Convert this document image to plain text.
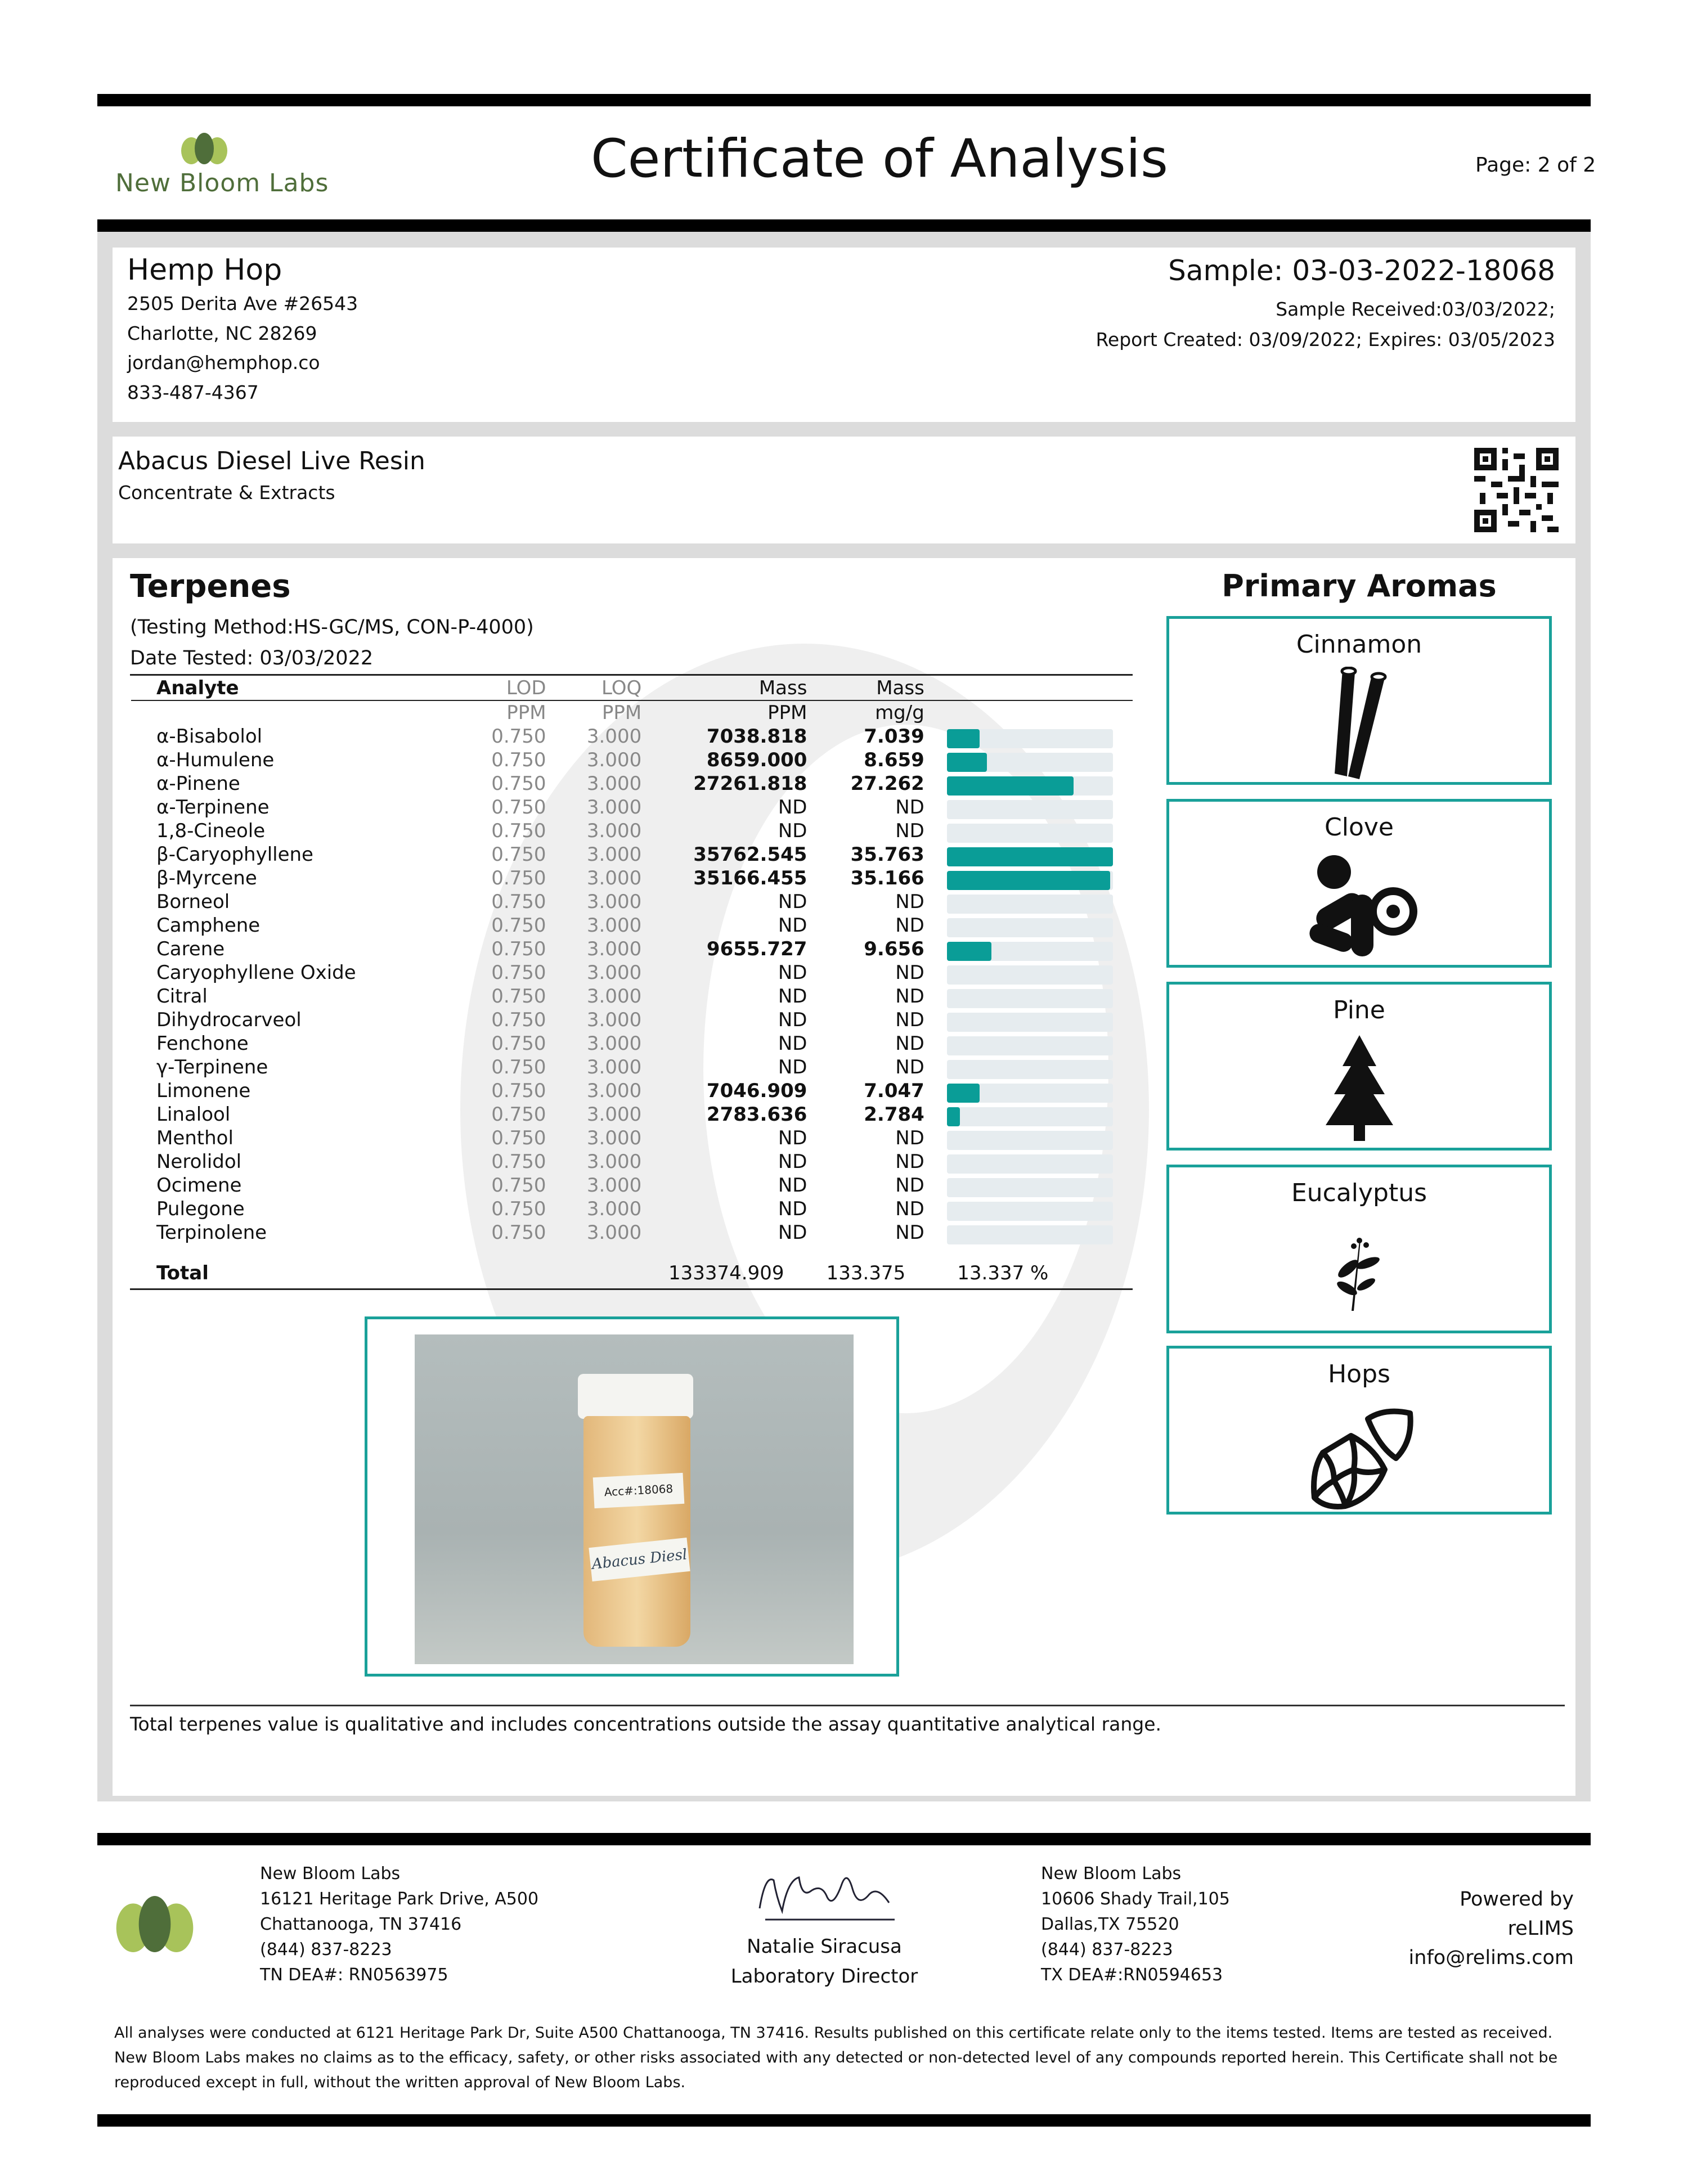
New Bloom Labs	Certificate of Analysis	Page: 2 of 2
Hemp Hop
2505 Derita Ave #26543
Charlotte, NC 28269
jordan@hemphop.co
833-487-4367
Sample: 03-03-2022-18068
Sample Received:03/03/2022;
Report Created: 03/09/2022; Expires: 03/05/2023
Abacus Diesel Live Resin
Concentrate & Extracts
Terpenes
(Testing Method:HS-GC/MS, CON-P-4000)
Date Tested: 03/03/2022
Analyte	LOD	LOQ	Mass	Mass	
	PPM	PPM	PPM	mg/g	
α-Bisabolol	0.750	3.000	7038.818	7.039	

α-Humulene	0.750	3.000	8659.000	8.659	

α-Pinene	0.750	3.000	27261.818	27.262	

α-Terpinene	0.750	3.000	ND	ND	

1,8-Cineole	0.750	3.000	ND	ND	

β-Caryophyllene	0.750	3.000	35762.545	35.763	

β-Myrcene	0.750	3.000	35166.455	35.166	

Borneol	0.750	3.000	ND	ND	

Camphene	0.750	3.000	ND	ND	

Carene	0.750	3.000	9655.727	9.656	

Caryophyllene Oxide	0.750	3.000	ND	ND	

Citral	0.750	3.000	ND	ND	

Dihydrocarveol	0.750	3.000	ND	ND	

Fenchone	0.750	3.000	ND	ND	

γ-Terpinene	0.750	3.000	ND	ND	

Limonene	0.750	3.000	7046.909	7.047	

Linalool	0.750	3.000	2783.636	2.784	

Menthol	0.750	3.000	ND	ND	

Nerolidol	0.750	3.000	ND	ND	

Ocimene	0.750	3.000	ND	ND	

Pulegone	0.750	3.000	ND	ND	

Terpinolene	0.750	3.000	ND	ND	
Total			133374.909	133.375	13.337 %
Acc#:18068
Abacus Diesl
Total terpenes value is qualitative and includes concentrations outside the assay quantitative analytical range.
Primary Aromas
Cinnamon
Clove
Pine
Eucalyptus
Hops
New Bloom Labs
16121 Heritage Park Drive, A500
Chattanooga, TN 37416
(844) 837-8223
TN DEA#: RN0563975
Natalie Siracusa
Laboratory Director
New Bloom Labs
10606 Shady Trail,105
Dallas,TX 75520
(844) 837-8223
TX DEA#:RN0594653
Powered by
reLIMS
info@relims.com
All analyses were conducted at 6121 Heritage Park Dr, Suite A500 Chattanooga, TN 37416. Results published on this certificate relate only to the items tested. Items are tested as received. New Bloom Labs makes no claims as to the efficacy, safety, or other risks associated with any detected or non-detected level of any compounds reported herein. This Certificate shall not be reproduced except in full, without the written approval of New Bloom Labs.
